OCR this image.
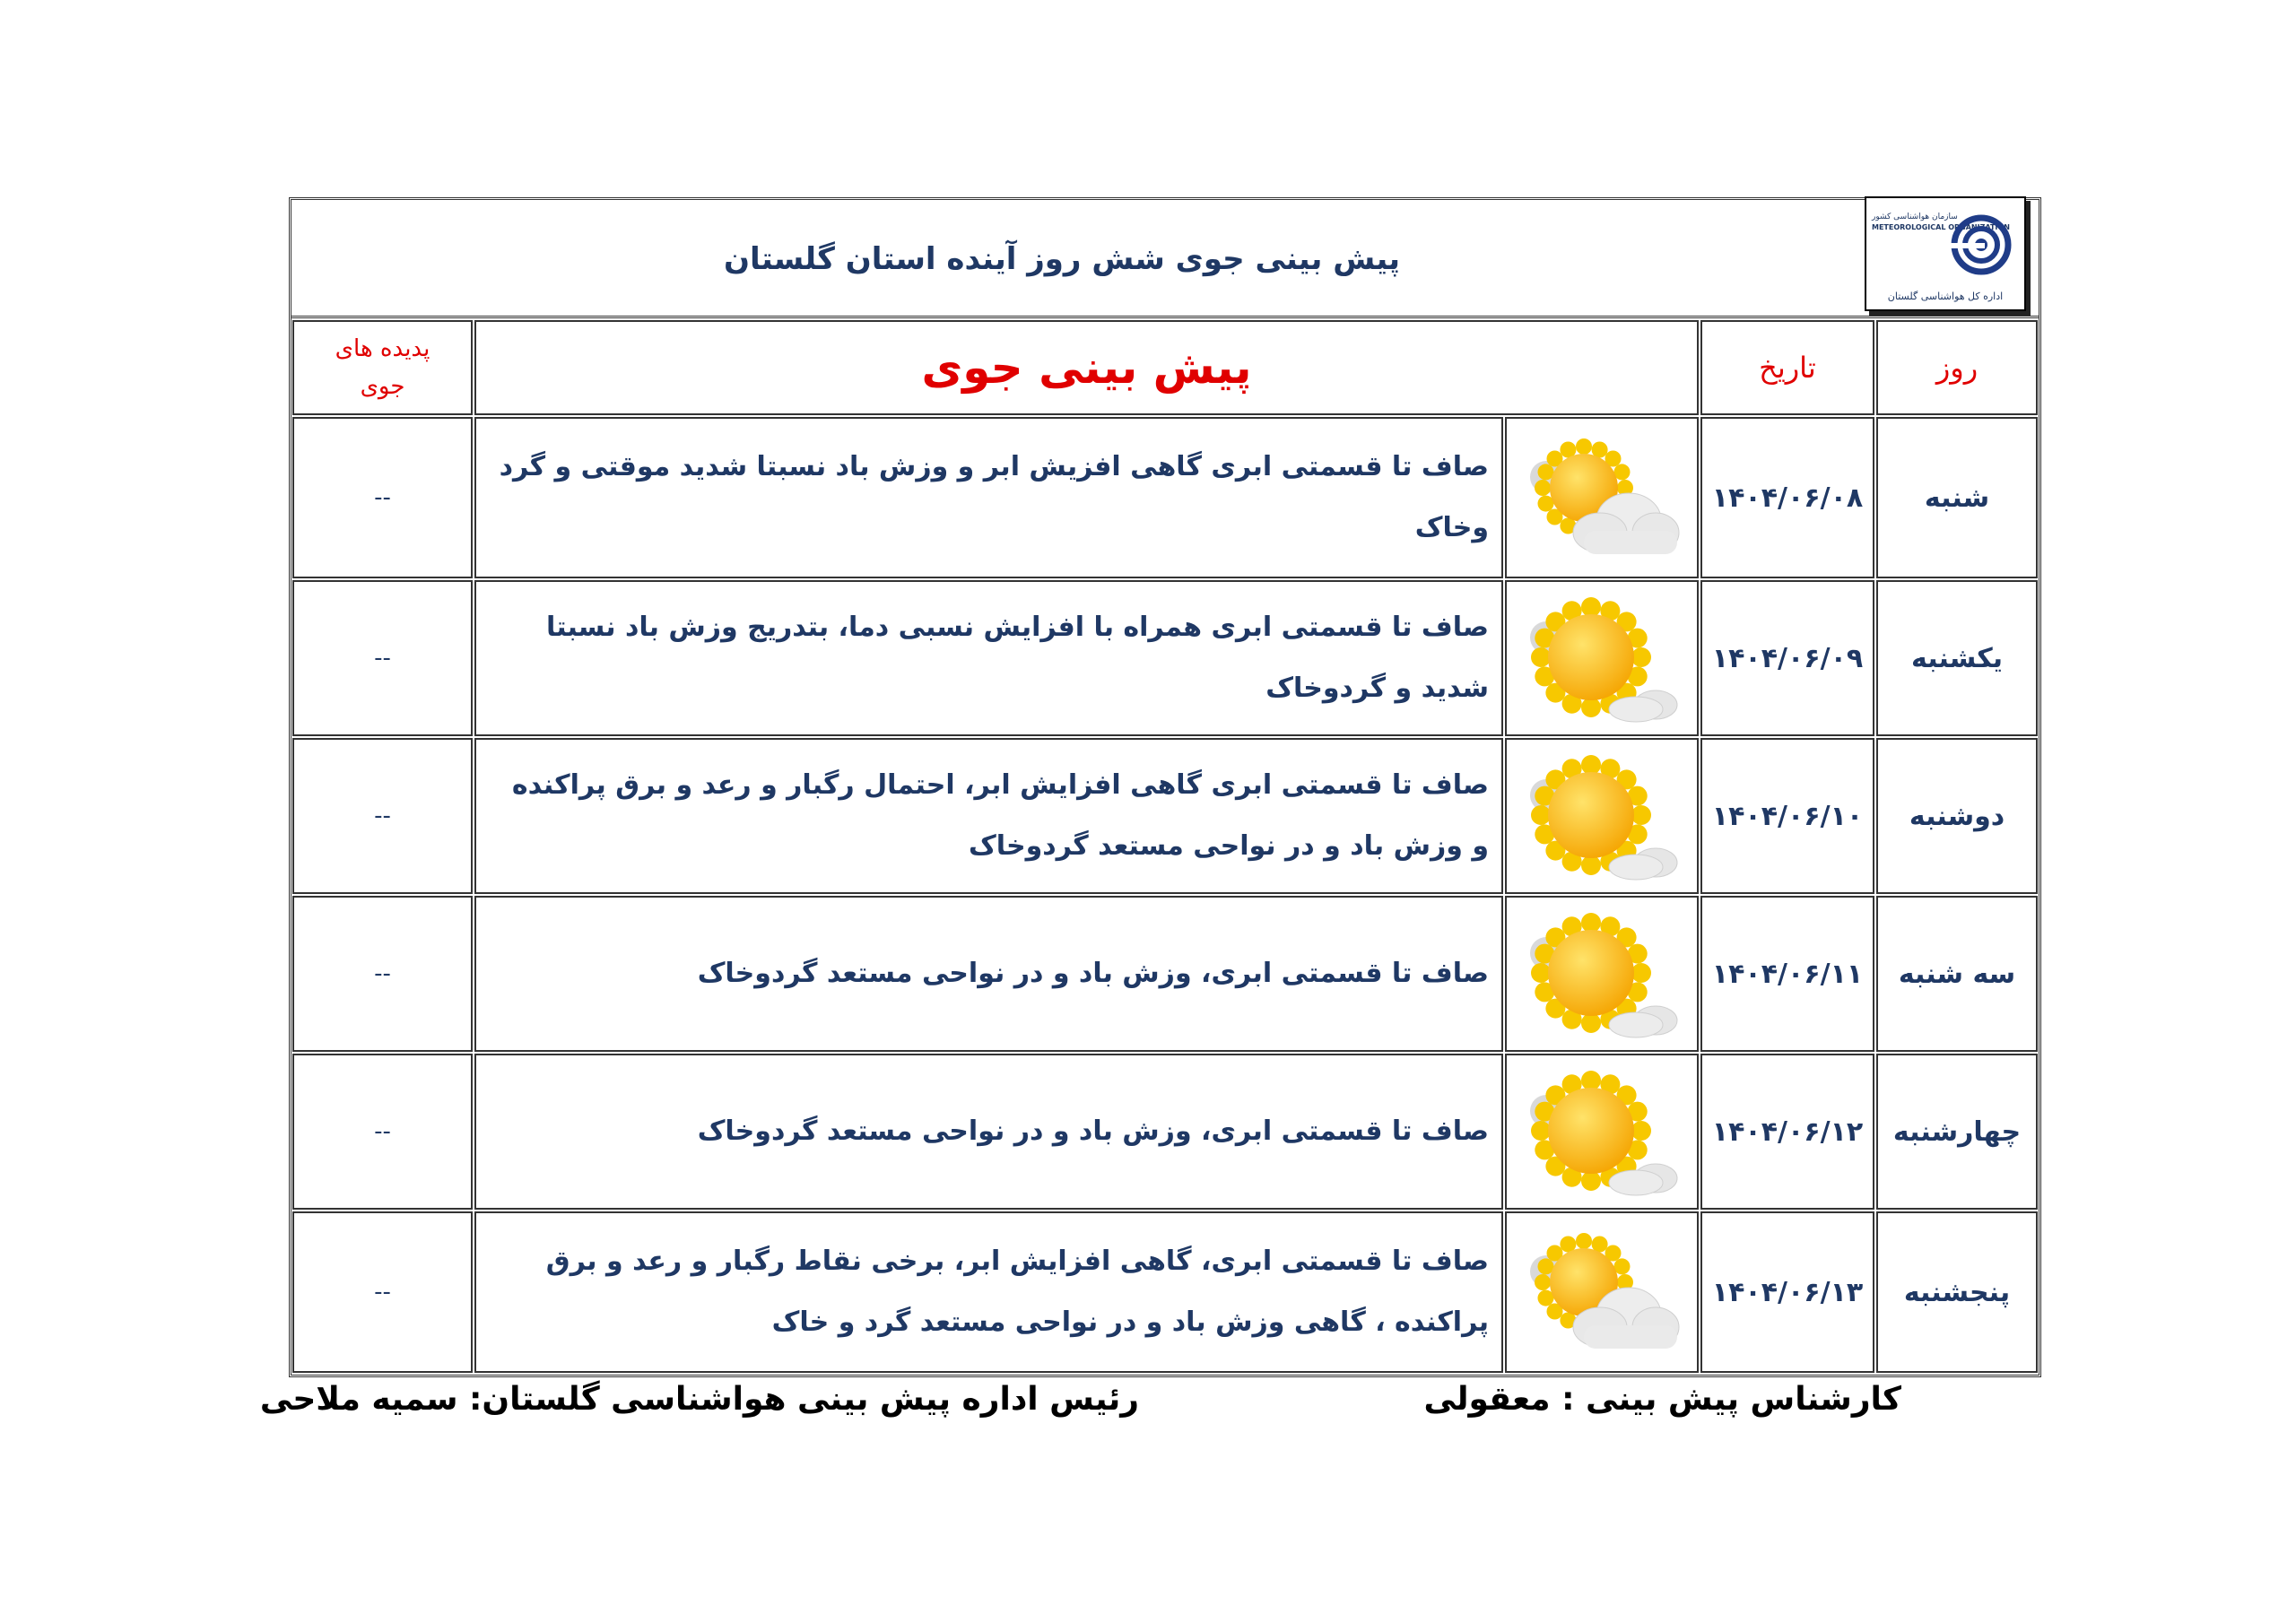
پیش بینی جوی شش روز آینده استان گلستان
سازمان هواشناسی کشور
METEOROLOGICAL ORGANIZATION
اداره کل هواشناسی گلستان
روز
تاریخ
پیش بینی جوی
پدیده های جوی
شنبه
۱۴۰۴/۰۶/۰۸
صاف تا قسمتی ابری گاهی افزیش ابر و وزش باد نسبتا شدید موقتی و گرد وخاک
--
یکشنبه
۱۴۰۴/۰۶/۰۹
صاف تا قسمتی ابری همراه با افزایش نسبی دما، بتدریج وزش باد نسبتا شدید و گردوخاک
--
دوشنبه
۱۴۰۴/۰۶/۱۰
صاف تا قسمتی ابری گاهی افزایش ابر، احتمال رگبار و رعد و برق پراکنده و وزش باد و در نواحی مستعد گردوخاک
--
سه شنبه
۱۴۰۴/۰۶/۱۱
صاف تا قسمتی ابری، وزش باد و در نواحی مستعد گردوخاک
--
چهارشنبه
۱۴۰۴/۰۶/۱۲
صاف تا قسمتی ابری، وزش باد و در نواحی مستعد گردوخاک
--
پنجشنبه
۱۴۰۴/۰۶/۱۳
صاف تا قسمتی ابری، گاهی افزایش ابر، برخی نقاط رگبار و رعد و برق پراکنده ، گاهی وزش باد و در نواحی مستعد گرد و خاک
--
کارشناس پیش بینی : معقولی
رئیس اداره پیش بینی هواشناسی گلستان: سمیه ملاحی
